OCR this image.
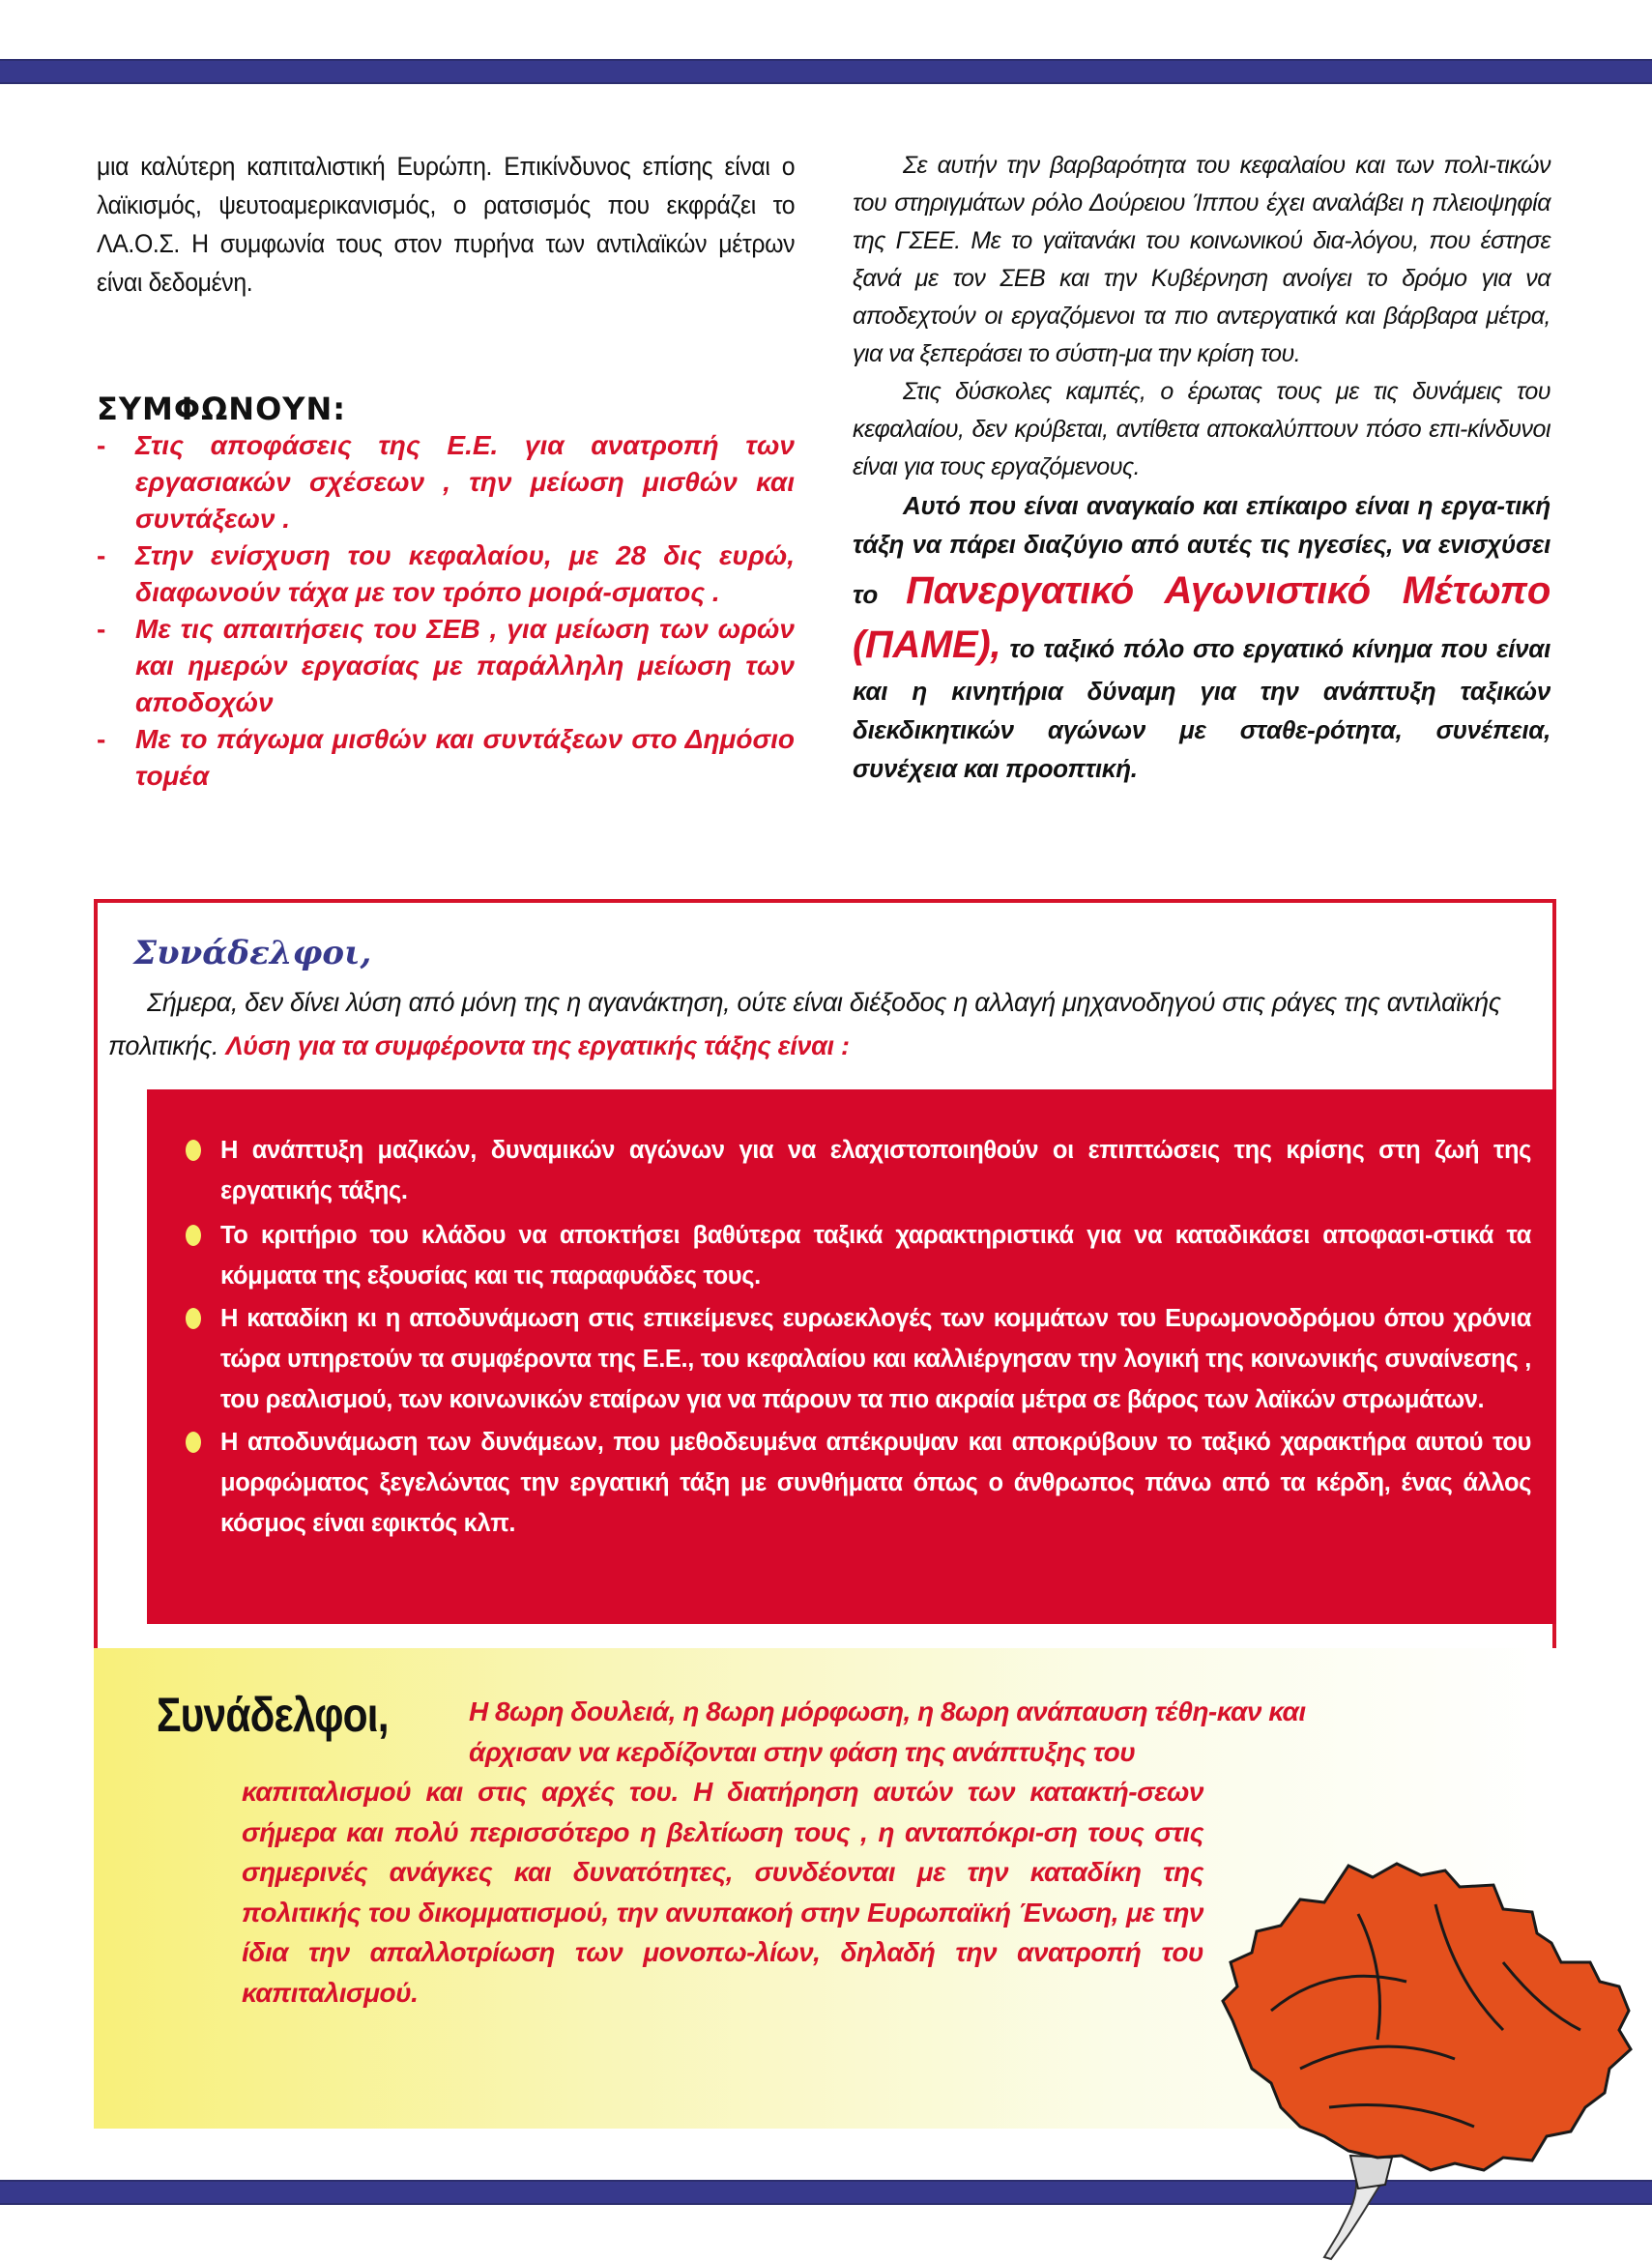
μια καλύτερη καπιταλιστική Ευρώπη. Επικίνδυνος επίσης είναι ο λαϊκισμός, ψευτοαμερικανισμός, ο ρατσισμός που εκφράζει το ΛΑ.Ο.Σ. Η συμφωνία τους στον πυρήνα των αντιλαϊκών μέτρων είναι δεδομένη.

ΣΥΜΦΩΝΟΥΝ:
- Στις αποφάσεις της Ε.Ε. για ανατροπή των εργασιακών σχέσεων , την μείωση μισθών και συντάξεων .
- Στην ενίσχυση του κεφαλαίου, με 28 δις ευρώ, διαφωνούν τάχα με τον τρόπο μοιρά-σματος .
- Με τις απαιτήσεις του ΣΕΒ , για μείωση των ωρών και ημερών εργασίας με παράλληλη μείωση των αποδοχών
- Με το πάγωμα μισθών και συντάξεων στο Δημόσιο τομέα

Σε αυτήν την βαρβαρότητα του κεφαλαίου και των πολι-τικών του στηριγμάτων ρόλο Δούρειου Ίππου έχει αναλάβει η πλειοψηφία της ΓΣΕΕ. Με το γαϊτανάκι του κοινωνικού δια-λόγου, που έστησε ξανά με τον ΣΕΒ και την Κυβέρνηση ανοίγει το δρόμο για να αποδεχτούν οι εργαζόμενοι τα πιο αντεργατικά και βάρβαρα μέτρα, για να ξεπεράσει το σύστη-μα την κρίση του.

Στις δύσκολες καμπές, ο έρωτας τους με τις δυνάμεις του κεφαλαίου, δεν κρύβεται, αντίθετα αποκαλύπτουν πόσο επι-κίνδυνοι είναι για τους εργαζόμενους.

Αυτό που είναι αναγκαίο και επίκαιρο είναι η εργα-τική τάξη να πάρει διαζύγιο από αυτές τις ηγεσίες, να ενισχύσει το Πανεργατικό Αγωνιστικό Μέτωπο (ΠΑΜΕ), το ταξικό πόλο στο εργατικό κίνημα που είναι και η κινητήρια δύναμη για την ανάπτυξη ταξικών διεκδικητικών αγώνων με σταθε-ρότητα, συνέπεια, συνέχεια και προοπτική.

Συνάδελφοι,
Σήμερα, δεν δίνει λύση από μόνη της η αγανάκτηση, ούτε είναι διέξοδος η αλλαγή μηχανοδηγού στις ράγες της αντιλαϊκής πολιτικής. Λύση για τα συμφέροντα της εργατικής τάξης είναι :
Η ανάπτυξη μαζικών, δυναμικών αγώνων για να ελαχιστοποιηθούν οι επιπτώσεις της κρίσης στη ζωή της εργατικής τάξης.
Το κριτήριο του κλάδου να αποκτήσει βαθύτερα ταξικά χαρακτηριστικά για να καταδικάσει αποφασι-στικά τα κόμματα της εξουσίας και τις παραφυάδες τους.
Η καταδίκη κι η αποδυνάμωση στις επικείμενες ευρωεκλογές των κομμάτων του Ευρωμονοδρόμου όπου χρόνια τώρα υπηρετούν τα συμφέροντα της Ε.Ε., του κεφαλαίου και καλλιέργησαν την λογική της κοινωνικής συναίνεσης , του ρεαλισμού, των κοινωνικών εταίρων για να πάρουν τα πιο ακραία μέτρα σε βάρος των λαϊκών στρωμάτων.
Η αποδυνάμωση των δυνάμεων, που μεθοδευμένα απέκρυψαν και αποκρύβουν το ταξικό χαρακτήρα αυτού του μορφώματος ξεγελώντας την εργατική τάξη με συνθήματα όπως ο άνθρωπος πάνω από τα κέρδη, ένας άλλος κόσμος είναι εφικτός κλπ.
Συνάδελφοι,	Η 8ωρη δουλειά, η 8ωρη μόρφωση, η 8ωρη ανάπαυση τέθη-καν και άρχισαν να κερδίζονται στην φάση της ανάπτυξης του
καπιταλισμού και στις αρχές του. Η διατήρηση αυτών των κατακτή-σεων σήμερα και πολύ περισσότερο η βελτίωση τους , η ανταπόκρι-ση τους στις σημερινές ανάγκες και δυνατότητες, συνδέονται με την καταδίκη της πολιτικής του δικομματισμού, την ανυπακοή στην Ευρωπαϊκή Ένωση, με την ίδια την απαλλοτρίωση των μονοπω-λίων, δηλαδή την ανατροπή του καπιταλισμού.
